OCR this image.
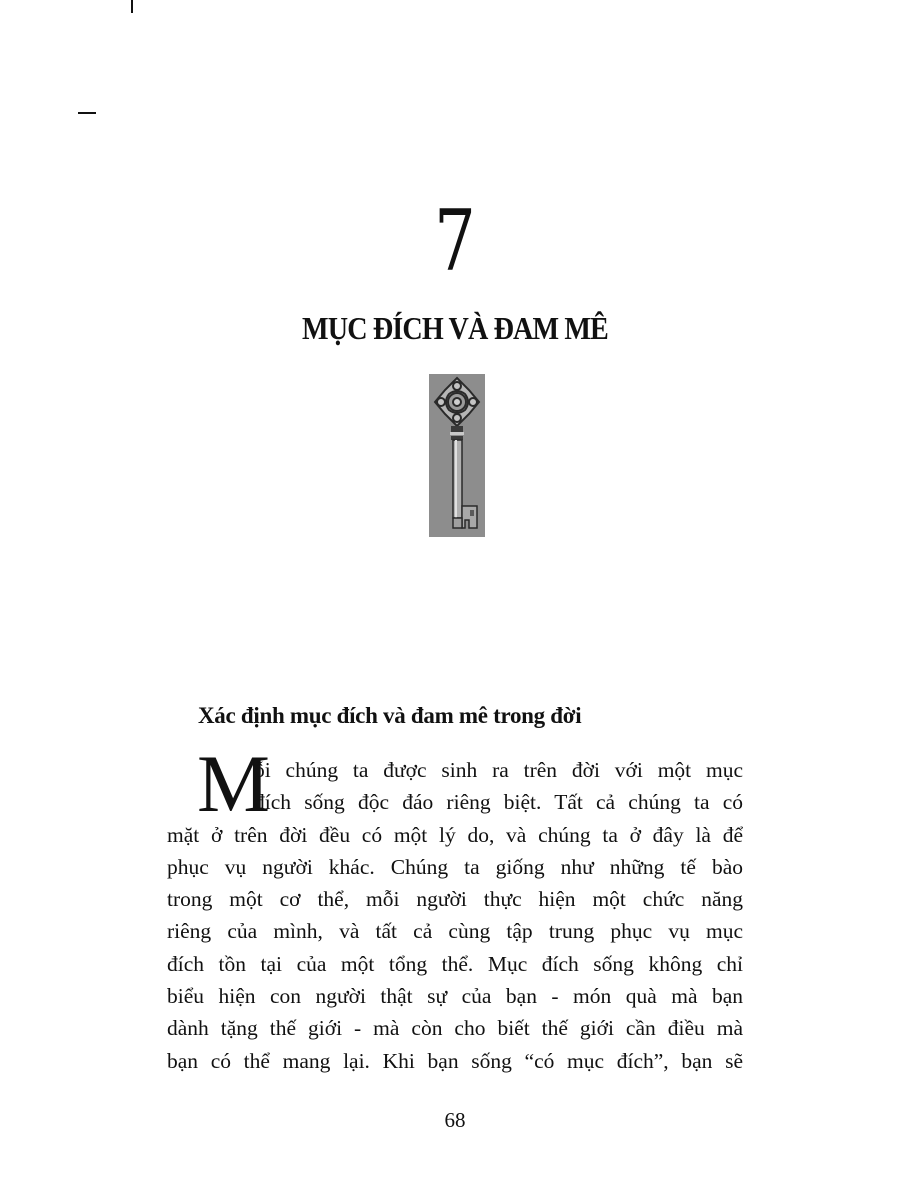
7
MỤC ĐÍCH VÀ ĐAM MÊ
Xác định mục đích và đam mê trong đời
M
ỗi chúng ta được sinh ra trên đời với một mục
đích sống độc đáo riêng biệt. Tất cả chúng ta có
mặt ở trên đời đều có một lý do, và chúng ta ở đây là để
phục vụ người khác. Chúng ta giống như những tế bào
trong một cơ thể, mỗi người thực hiện một chức năng
riêng của mình, và tất cả cùng tập trung phục vụ mục
đích tồn tại của một tổng thể. Mục đích sống không chỉ
biểu hiện con người thật sự của bạn - món quà mà bạn
dành tặng thế giới - mà còn cho biết thế giới cần điều mà
bạn có thể mang lại. Khi bạn sống “có mục đích”, bạn sẽ
68
